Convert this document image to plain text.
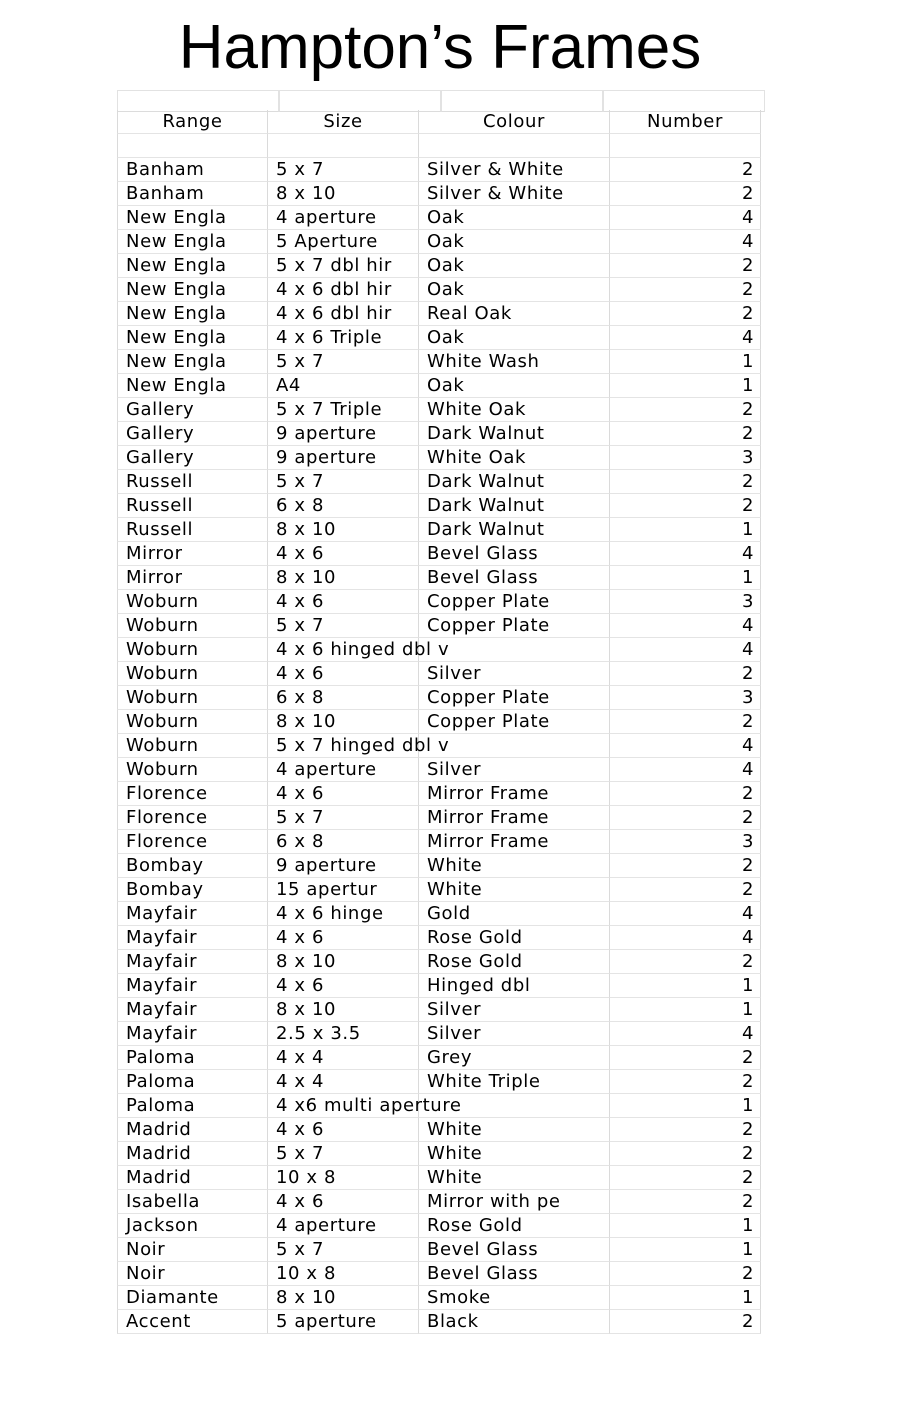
Hampton’s Frames
Range	Size	Colour	Number
Banham	5 x 7	Silver & White	2
Banham	8 x 10	Silver & White	2
New Engla	4 aperture	Oak	4
New Engla	5 Aperture	Oak	4
New Engla	5 x 7 dbl hir	Oak	2
New Engla	4 x 6 dbl hir	Oak	2
New Engla	4 x 6 dbl hir	Real Oak	2
New Engla	4 x 6 Triple	Oak	4
New Engla	5 x 7	White Wash	1
New Engla	A4	Oak	1
Gallery	5 x 7 Triple	White Oak	2
Gallery	9 aperture	Dark Walnut	2
Gallery	9 aperture	White Oak	3
Russell	5 x 7	Dark Walnut	2
Russell	6 x 8	Dark Walnut	2
Russell	8 x 10	Dark Walnut	1
Mirror	4 x 6	Bevel Glass	4
Mirror	8 x 10	Bevel Glass	1
Woburn	4 x 6	Copper Plate	3
Woburn	5 x 7	Copper Plate	4
Woburn	4 x 6 hinged dbl v	4
Woburn	4 x 6	Silver	2
Woburn	6 x 8	Copper Plate	3
Woburn	8 x 10	Copper Plate	2
Woburn	5 x 7 hinged dbl v	4
Woburn	4 aperture	Silver	4
Florence	4 x 6	Mirror Frame	2
Florence	5 x 7	Mirror Frame	2
Florence	6 x 8	Mirror Frame	3
Bombay	9 aperture	White	2
Bombay	15 apertur	White	2
Mayfair	4 x 6 hinge	Gold	4
Mayfair	4 x 6	Rose Gold	4
Mayfair	8 x 10	Rose Gold	2
Mayfair	4 x 6	Hinged dbl	1
Mayfair	8 x 10	Silver	1
Mayfair	2.5 x 3.5	Silver	4
Paloma	4 x 4	Grey	2
Paloma	4 x 4	White Triple	2
Paloma	4 x6 multi aperture	1
Madrid	4 x 6	White	2
Madrid	5 x 7	White	2
Madrid	10 x 8	White	2
Isabella	4 x 6	Mirror with pe	2
Jackson	4 aperture	Rose Gold	1
Noir	5 x 7	Bevel Glass	1
Noir	10 x 8	Bevel Glass	2
Diamante	8 x 10	Smoke	1
Accent	5 aperture	Black	2
